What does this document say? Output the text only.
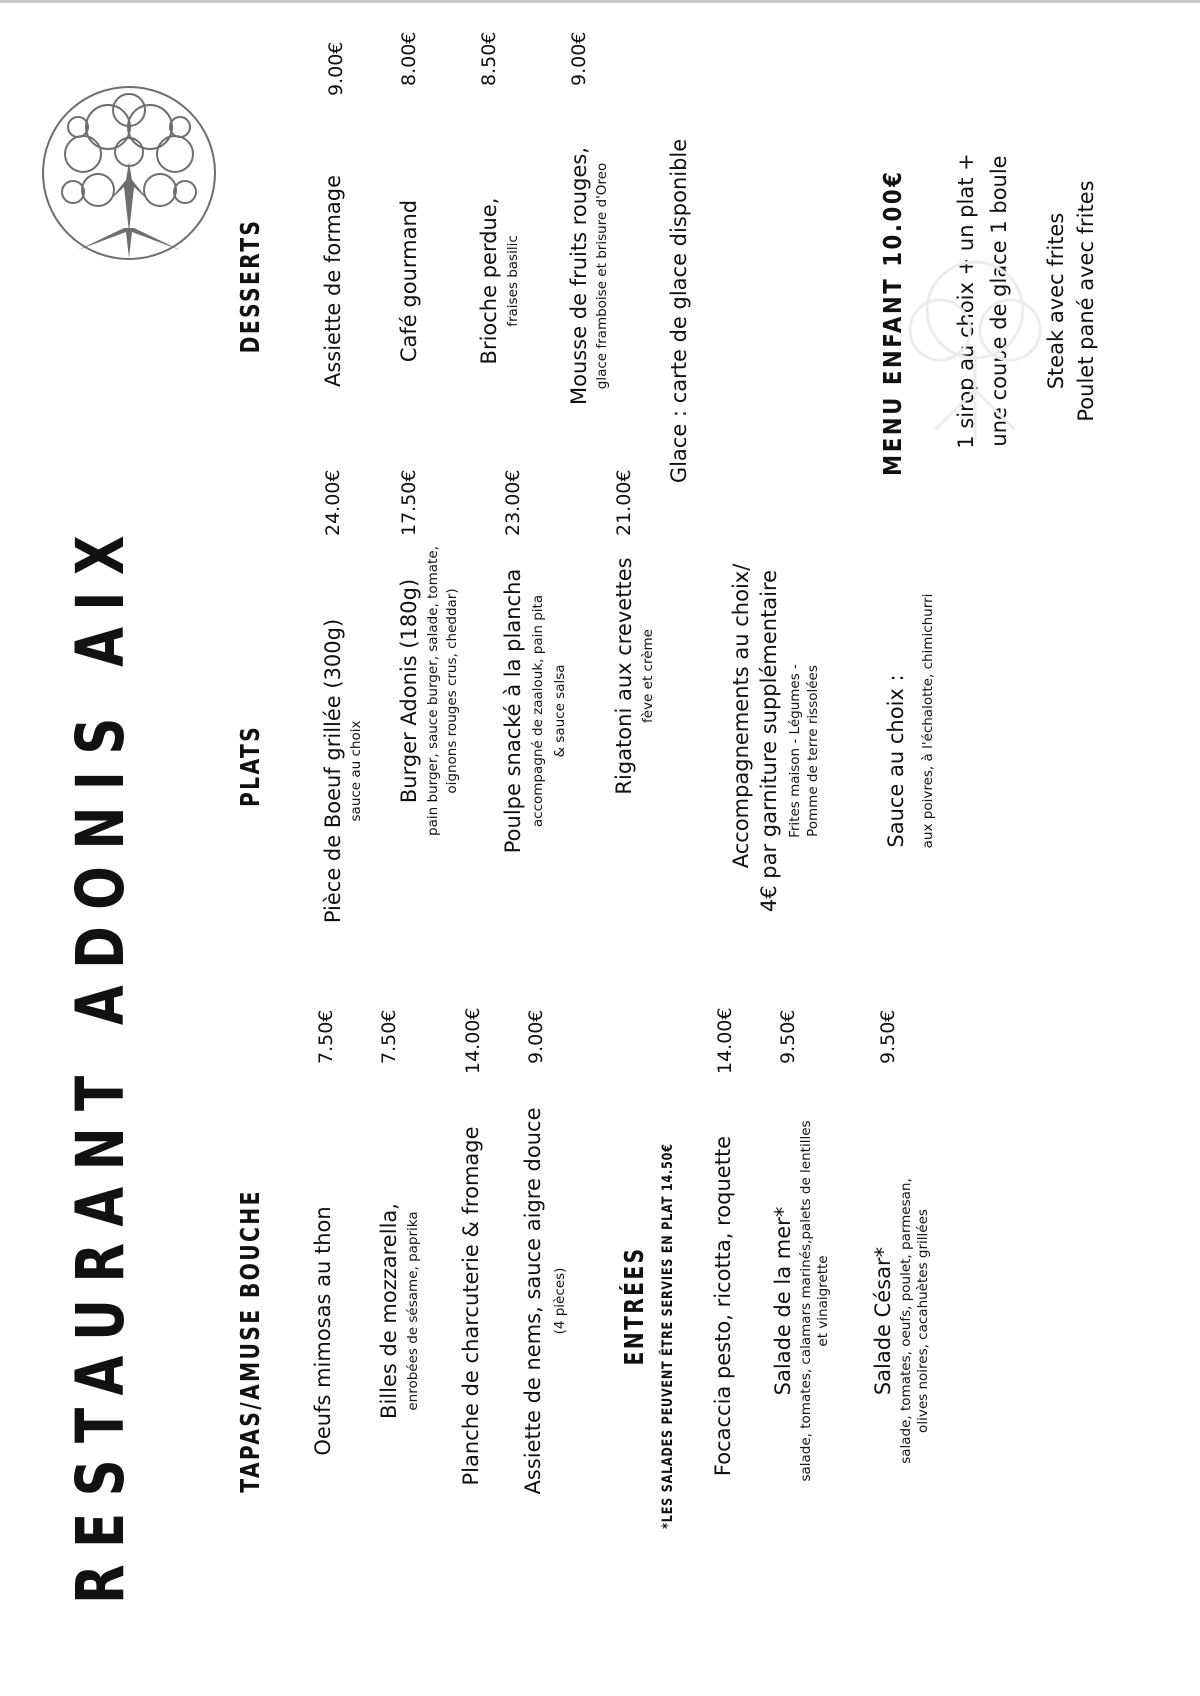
RESTAURANT ADONIS AIX	TAPAS/AMUSE BOUCHE Oeufs mimosas au thon
7.50€
Billes de mozzarella, enrobées de sésame, paprika
7.50€
Planche de charcuterie & fromage
14.00€
Assiette de nems, sauce aigre douce (4 pièces)
9.00€
ENTRÉES *LES SALADES PEUVENT ÊTRE SERVIES EN PLAT 14.50€ Focaccia pesto, ricotta, roquette
14.00€
Salade de la mer* salade, tomates, calamars marinés,palets de lentilles et vinaigrette
9.50€
Salade César* salade, tomates, oeufs, poulet, parmesan, olives noires, cacahuètes grillées
9.50€
PLATS	Pièce de Boeuf grillée (300g) sauce au choix
24.00€
Burger Adonis (180g) pain burger, sauce burger, salade, tomate, oignons rouges crus, cheddar)
17.50€
Poulpe snacké à la plancha accompagné de zaalouk, pain pita & sauce salsa
23.00€
Rigatoni aux crevettes fève et crème
21.00€
Accompagnements au choix/ 4€ par garniture supplémentaire Frites maison - Légumes - Pomme de terre rissolées	Sauce au choix : aux poivres, à l'échalotte, chimichurri
DESSERTS	Assiette de formage
9.00€
Café gourmand
8.00€
Brioche perdue, fraises basilic
8.50€
Mousse de fruits rouges, glace framboise et brisure d'Oreo
9.00€
Glace : carte de glace disponible	MENU ENFANT 10.00€ 1 sirop au choix + un plat + une coupe de glace 1 boule Steak avec frites Poulet pané avec frites
